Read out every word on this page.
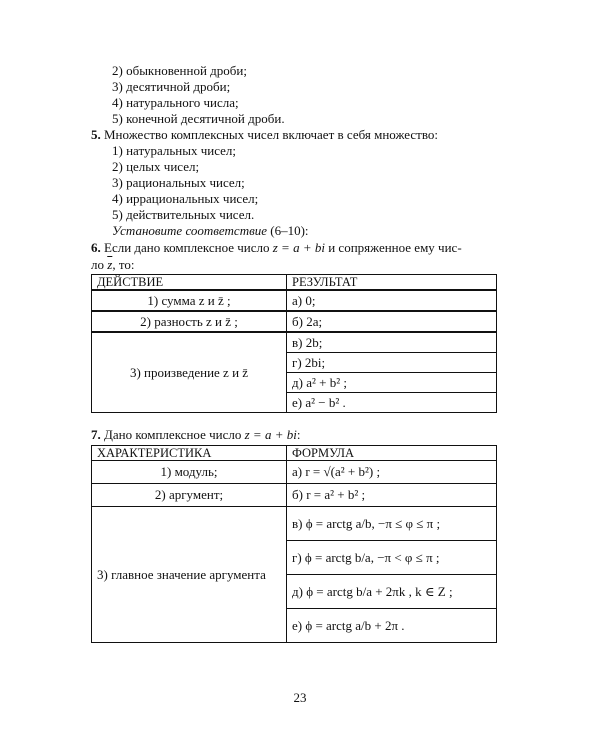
2) обыкновенной дроби;
3) десятичной дроби;
4) натурального числа;
5) конечной десятичной дроби.
5. Множество комплексных чисел включает в себя множество:
1) натуральных чисел;
2) целых чисел;
3) рациональных чисел;
4) иррациональных чисел;
5) действительных чисел.
Установите соответствие (6–10):
6. Если дано комплексное число z = a + bi и сопряженное ему чис-
ло $\overline{z}$, то:
ДЕЙСТВИЕ	РЕЗУЛЬТАТ
1) сумма z и z̄ ;	а) 0;
2) разность z и z̄ ;	б) 2a;
3) произведение z и z̄	в) 2b;
	г) 2bi;
	д) a² + b² ;
	е) a² − b² .
7. Дано комплексное число z = a + bi:
ХАРАКТЕРИСТИКА	ФОРМУЛА
1) модуль;	а) r = √(a² + b²) ;
2) аргумент;	б) r = a² + b² ;
3) главное значение аргумента	в) ϕ = arctg a/b, −π ≤ φ ≤ π ;
	г) ϕ = arctg b/a, −π < φ ≤ π ;
	д) ϕ = arctg b/a + 2πk , k ∈ Z ;
	е) ϕ = arctg a/b + 2π .
23
